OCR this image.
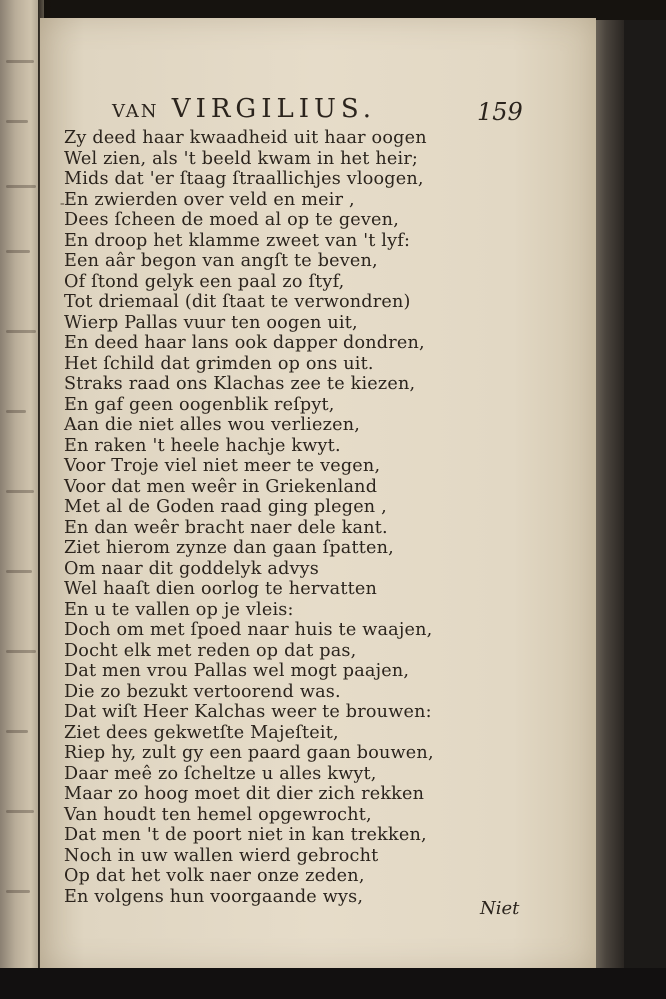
VAN VIRGILIUS.	159
-
Zy deed haar kwaadheid uit haar oogen
Wel zien, als 't beeld kwam in het heir;
Mids dat 'er ſtaag ſtraallichjes vloogen,
En zwierden over veld en meir ,
Dees ſcheen de moed al op te geven,
En droop het klamme zweet van 't lyf:
Een aâr begon van angſt te beven,
Of ſtond gelyk een paal zo ſtyf,
Tot driemaal (dit ſtaat te verwondren)
Wierp Pallas vuur ten oogen uit,
En deed haar lans ook dapper dondren,
Het ſchild dat grimden op ons uit.
Straks raad ons Klachas zee te kiezen,
En gaf geen oogenblik reſpyt,
Aan die niet alles wou verliezen,
En raken 't heele hachje kwyt.
Voor Troje viel niet meer te vegen,
Voor dat men weêr in Griekenland
Met al de Goden raad ging plegen ,
En dan weêr bracht naer dele kant.
Ziet hierom zynze dan gaan ſpatten,
Om naar dit goddelyk advys
Wel haaſt dien oorlog te hervatten
En u te vallen op je vleis:
Doch om met ſpoed naar huis te waajen,
Docht elk met reden op dat pas,
Dat men vrou Pallas wel mogt paajen,
Die zo bezukt vertoorend was.
Dat wiſt Heer Kalchas weer te brouwen:
Ziet dees gekwetſte Majeſteit,
Riep hy, zult gy een paard gaan bouwen,
Daar meê zo ſcheltze u alles kwyt,
Maar zo hoog moet dit dier zich rekken
Van houdt ten hemel opgewrocht,
Dat men 't de poort niet in kan trekken,
Noch in uw wallen wierd gebrocht
Op dat het volk naer onze zeden,
En volgens hun voorgaande wys,
Niet
